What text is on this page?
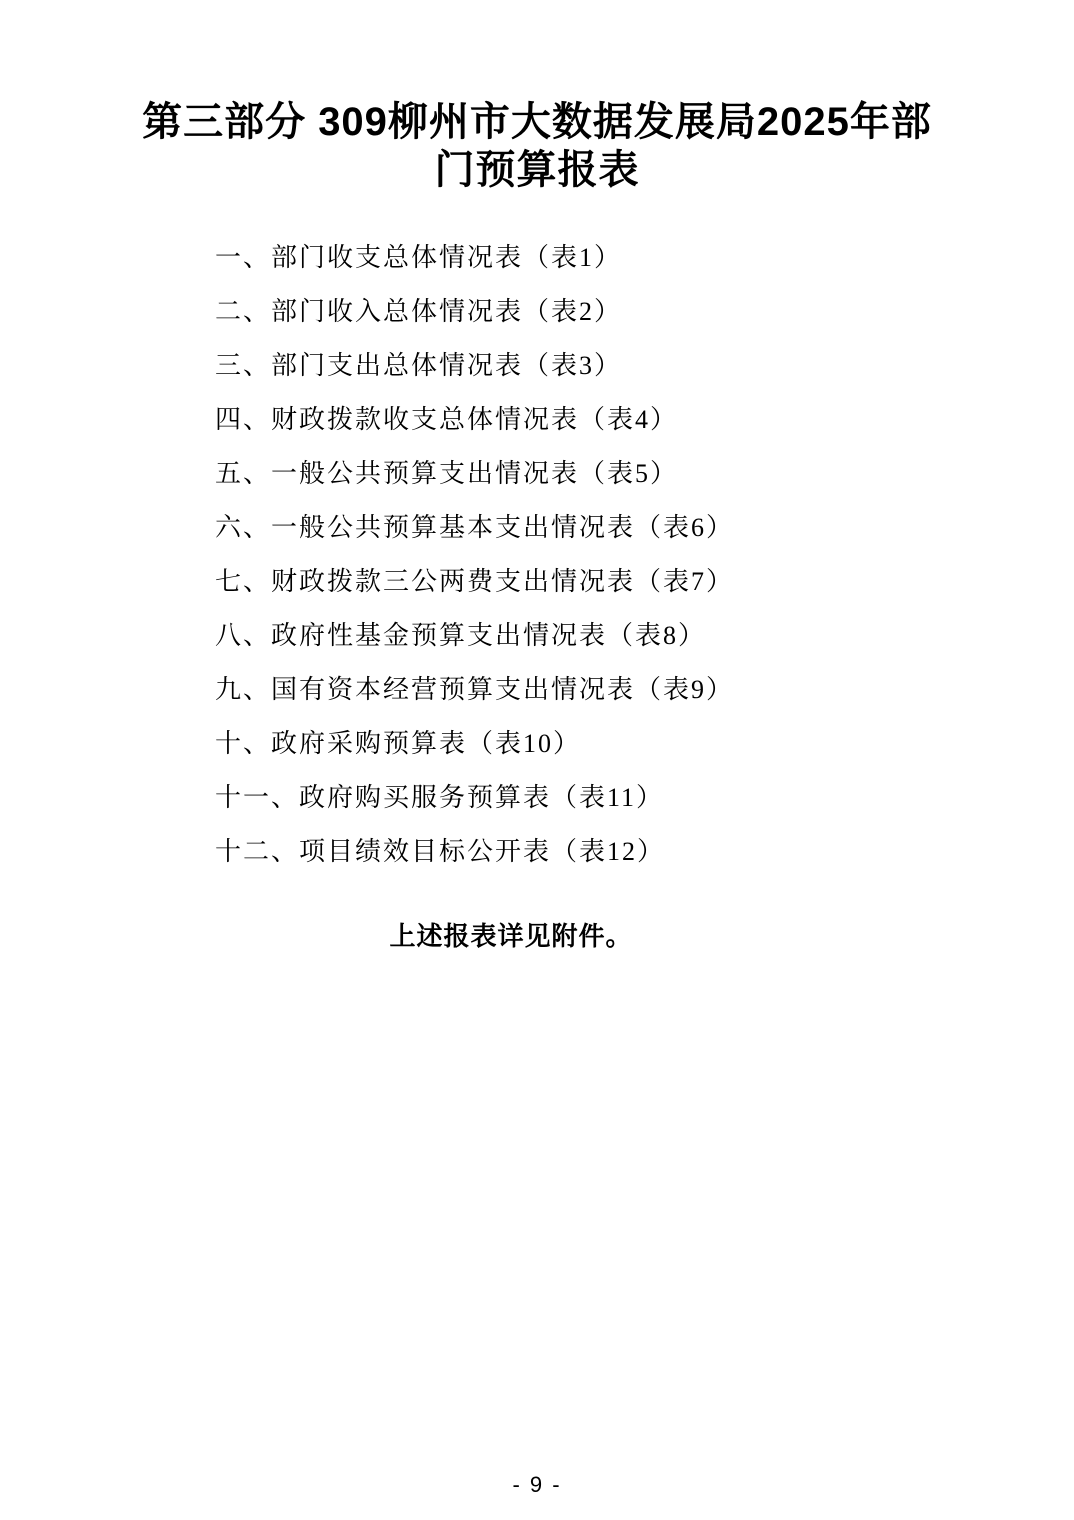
第三部分 309柳州市大数据发展局2025年部门预算报表
一、部门收支总体情况表（表1）
二、部门收入总体情况表（表2）
三、部门支出总体情况表（表3）
四、财政拨款收支总体情况表（表4）
五、一般公共预算支出情况表（表5）
六、一般公共预算基本支出情况表（表6）
七、财政拨款三公两费支出情况表（表7）
八、政府性基金预算支出情况表（表8）
九、国有资本经营预算支出情况表（表9）
十、政府采购预算表（表10）
十一、政府购买服务预算表（表11）
十二、项目绩效目标公开表（表12）

上述报表详见附件。

- 9 -
